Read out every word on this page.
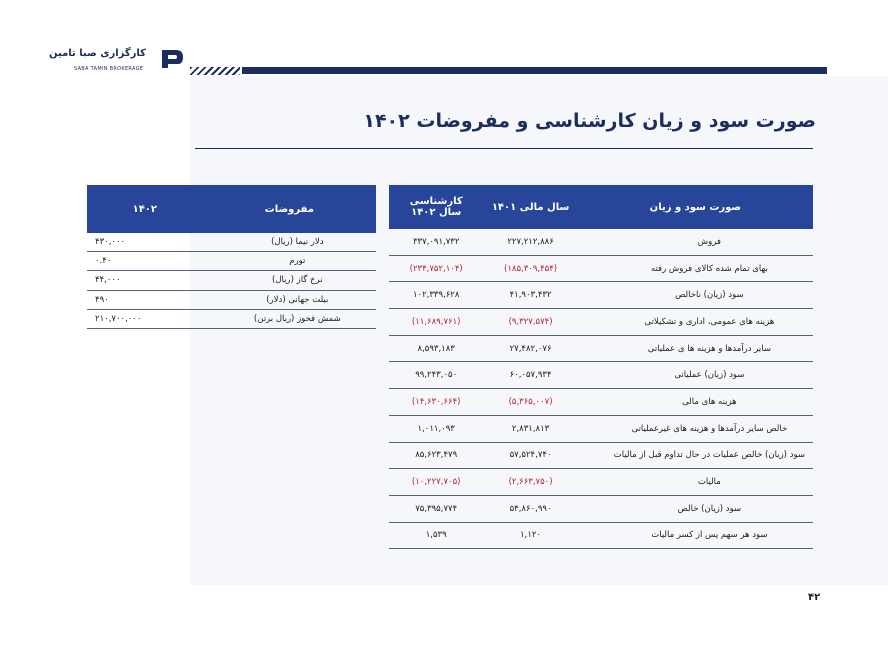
کارگزاری صبا تامین
SABA TAMIN BROKERAGE
صورت سود و زیان کارشناسی و مفروضات ۱۴۰۲
صورت سود و زیان	سال مالی ۱۴۰۱	کارشناسی سال ۱۴۰۲
فروش	۲۲۷,۲۱۲,۸۸۶	۳۳۷,۰۹۱,۷۳۲
بهای تمام شده کالای فروش رفته	(۱۸۵,۳۰۹,۴۵۴)	(۲۳۴,۷۵۲,۱۰۴)
سود (زیان) ناخالص	۴۱,۹۰۳,۴۳۲	۱۰۲,۳۳۹,۶۲۸
هزینه های عمومی، اداری و تشکیلاتی	(۹,۳۲۷,۵۷۴)	(۱۱,۶۸۹,۷۶۱)
سایر درآمدها و هزینه ها ی عملیاتی	۲۷,۴۸۲,۰۷۶	۸,۵۹۳,۱۸۳
سود (زیان) عملیاتی	۶۰,۰۵۷,۹۳۴	۹۹,۲۴۳,۰۵۰
هزینه های مالی	(۵,۳۶۵,۰۰۷)	(۱۴,۶۳۰,۶۶۴)
خالص سایر درآمدها و هزینه های غیرعملیاتی	۲,۸۳۱,۸۱۳	۱,۰۱۱,۰۹۳
سود (زیان) خالص عملیات در حال تداوم قبل از مالیات	۵۷,۵۲۴,۷۴۰	۸۵,۶۲۳,۴۷۹
مالیات	(۲,۶۶۳,۷۵۰)	(۱۰,۲۲۷,۷۰۵)
سود (زیان) خالص	۵۴,۸۶۰,۹۹۰	۷۵,۳۹۵,۷۷۴
سود هر سهم پس از کسر مالیات	۱,۱۲۰	۱,۵۳۹
مفروضات	۱۴۰۲
دلار نیما (ریال)	۴۳۰,۰۰۰
تورم	۰.۴۰
نرخ گاز (ریال)	۴۴,۰۰۰
بیلت جهانی (دلار)	۴۹۰
شمش فخوز (ریال برتن)	۲۱۰,۷۰۰,۰۰۰
۴۲
